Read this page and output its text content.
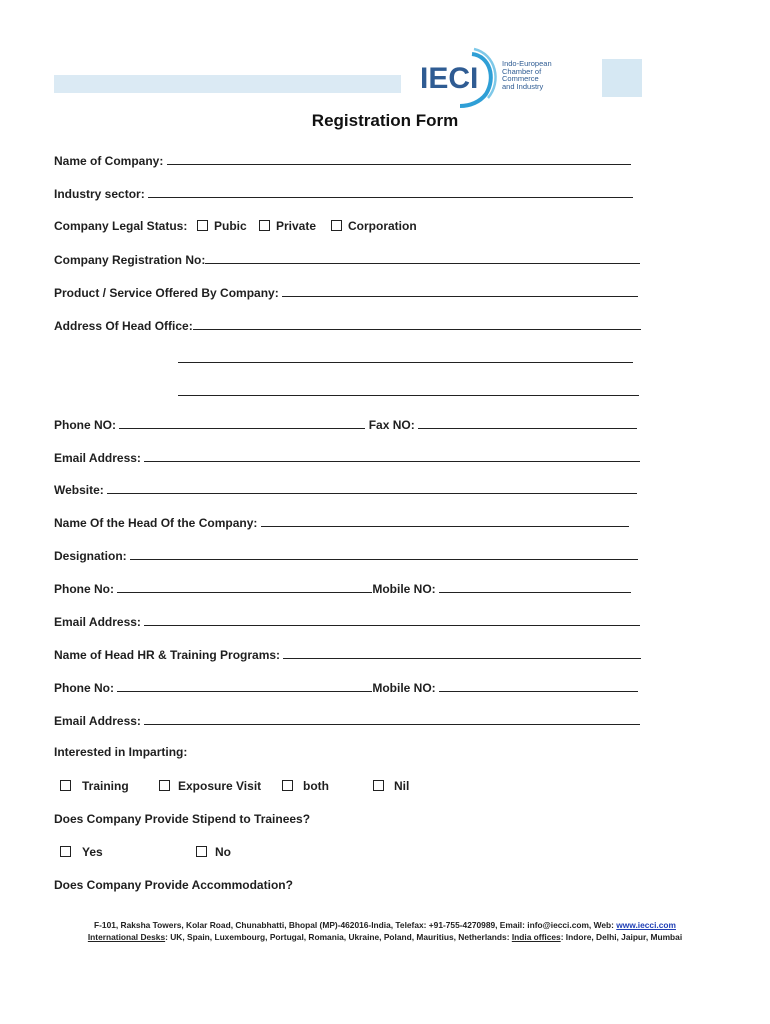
IECI	Indo-European
Chamber of
Commerce
and Industry
Registration Form
Name of Company:
Industry sector:
Company Legal Status:	Pubic	Private	Corporation
Company Registration No:
Product / Service Offered By Company:
Address Of Head Office:
Phone NO:	Fax NO:
Email Address:
Website:
Name Of the Head Of the Company:
Designation:
Phone No:	Mobile NO:
Email Address:
Name of Head HR & Training Programs:
Phone No:	Mobile NO:
Email Address:
Interested in Imparting:
Training	Exposure Visit	both	Nil
Does Company Provide Stipend to Trainees?
Yes	No
Does Company Provide Accommodation?
F-101, Raksha Towers, Kolar Road, Chunabhatti, Bhopal (MP)-462016-India, Telefax: +91-755-4270989, Email: info@iecci.com, Web: www.iecci.com
International Desks: UK, Spain, Luxembourg, Portugal, Romania, Ukraine, Poland, Mauritius, Netherlands: India offices: Indore, Delhi, Jaipur, Mumbai
